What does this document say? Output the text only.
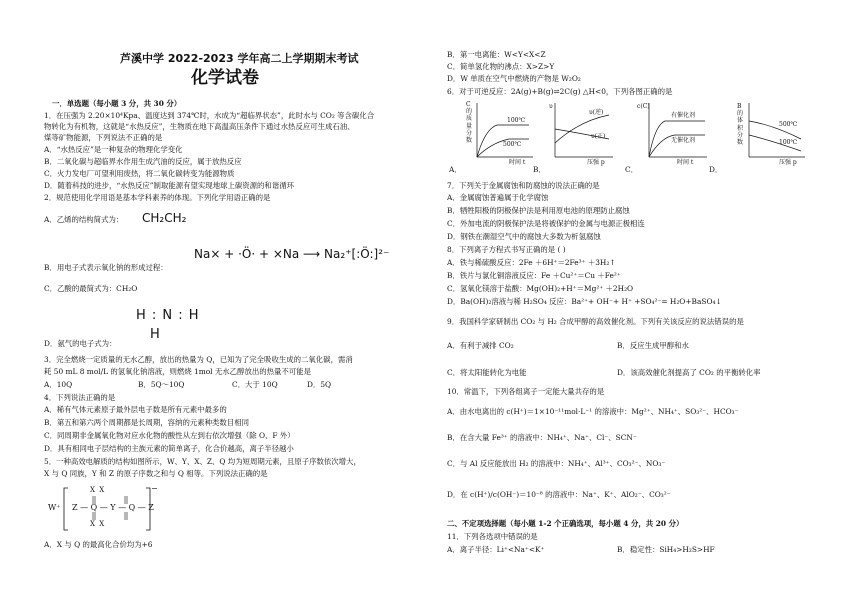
芦溪中学 2022-2023 学年高二上学期期末考试
化学试卷
一．单选题（每小题 3 分，共 30 分）
1．在压强为 2.20×10⁴Kpa、温度达到 374℃时，水成为“超临界状态”，此时水与 CO₂ 等含碳化合
物转化为有机物，这就是“水热反应”，生物质在地下高温高压条件下通过水热反应可生成石油、
煤等矿物能源，下列说法不正确的是
A．“水热反应”是一种复杂的物理化学变化
B．二氧化碳与超临界水作用生成汽油的反应，属于放热反应
C．火力发电厂可望利用废热，将二氧化碳转变为能源物质
D．随着科技的进步，“水热反应”制取能源有望实现地球上碳资源的和谐循环
2．规范使用化学用语是基本学科素养的体现。下列化学用语正确的是
A．乙烯的结构简式为： CH₂CH₂
Na× + ·Ö· + ×Na ⟶ Na₂⁺[:Ö:]²⁻
B．用电子式表示氧化钠的形成过程：
C．乙酸的最简式为：CH₂O
H : N : H
H
D．氨气的电子式为：
3．完全燃烧一定质量的无水乙醇，放出的热量为 Q，已知为了完全吸收生成的二氧化碳，需消
耗 50 mL 8 mol/L 的氢氧化钠溶液，则燃烧 1mol 无水乙醇放出的热量不可能是
A．10Q	B．5Q～10Q	C．大于 10Q	D．5Q
4．下列说法正确的是
A．稀有气体元素原子最外层电子数是所有元素中最多的
B．第五和第六两个周期都是长周期，容纳的元素种类数目相同
C．同周期非金属氧化物对应水化物的酸性从左到右依次增强（除 O、F 外）
D．具有相同电子层结构的主族元素的简单离子，化合价越高，离子半径越小
5．一种高效电解质的结构如图所示，W、Y、X、Z、Q 均为短周期元素，且原子序数依次增大，
X 与 Q 同族，Y 和 Z 的原子序数之和与 Q 相等。下列说法正确的是
W⁺
X X
Z — Q — Y — Q — Z
X X
−
A．X 与 Q 的最高化合价均为+6
B．第一电离能：W<Y<X<Z
C．简单氢化物的沸点：X>Z>Y
D．W 单质在空气中燃烧的产物是 W₂O₂
6．对于可逆反应：2A(g)+B(g)⇌2C(g) △H<0，下列各图正确的是
C 的质量分数
100℃
500℃
时间 t
A．
υ
υ(逆)
υ(正)
压强 p
B．
c(C)
有催化剂
无催化剂
时间 t
C．
B 的体积分数
500℃
100℃
压强 p
D．
7．下列关于金属腐蚀和防腐蚀的说法正确的是
A．金属腐蚀普遍属于化学腐蚀
B．牺牲阳极的阴极保护法是利用原电池的原理防止腐蚀
C．外加电流的阴极保护法是将被保护的金属与电源正极相连
D．钢铁在潮湿空气中的腐蚀大多数为析氢腐蚀
8．下列离子方程式书写正确的是 ( )
A．铁与稀硫酸反应：2Fe ＋6H⁺＝2Fe³⁺ ＋3H₂↑
B．铁片与氯化铜溶液反应：Fe ＋Cu²⁺＝Cu ＋Fe²⁺
C．氢氧化镁溶于盐酸：Mg(OH)₂+H⁺＝Mg²⁺ ＋2H₂O
D．Ba(OH)₂溶液与稀 H₂SO₄ 反应：Ba²⁺+ OH⁻+ H⁺ +SO₄²⁻= H₂O+BaSO₄↓
9．我国科学家研制出 CO₂ 与 H₂ 合成甲醇的高效催化剂。下列有关该反应的说法错误的是
A．有利于减排 CO₂	B．反应生成甲醇和水
C．将太阳能转化为电能	D．该高效催化剂提高了 CO₂ 的平衡转化率
10．常温下，下列各组离子一定能大量共存的是
A．由水电离出的 c(H⁺)＝1×10⁻¹¹mol·L⁻¹ 的溶液中：Mg²⁺、NH₄⁺、SO₃²⁻、HCO₃⁻
B．在含大量 Fe³⁺ 的溶液中：NH₄⁺、Na⁺、Cl⁻、SCN⁻
C．与 Al 反应能放出 H₂ 的溶液中：NH₄⁺、Al³⁺、CO₃²⁻、NO₃⁻
D．在 c(H⁺)/c(OH⁻)＝10⁻⁸ 的溶液中：Na⁺、K⁺、AlO₂⁻、CO₃²⁻
二、不定项选择题（每小题 1-2 个正确选项，每小题 4 分，共 20 分）
11．下列各选项中错误的是
A．离子半径：Li⁺<Na⁺<K⁺	B．稳定性：SiH₄>H₂S>HF
